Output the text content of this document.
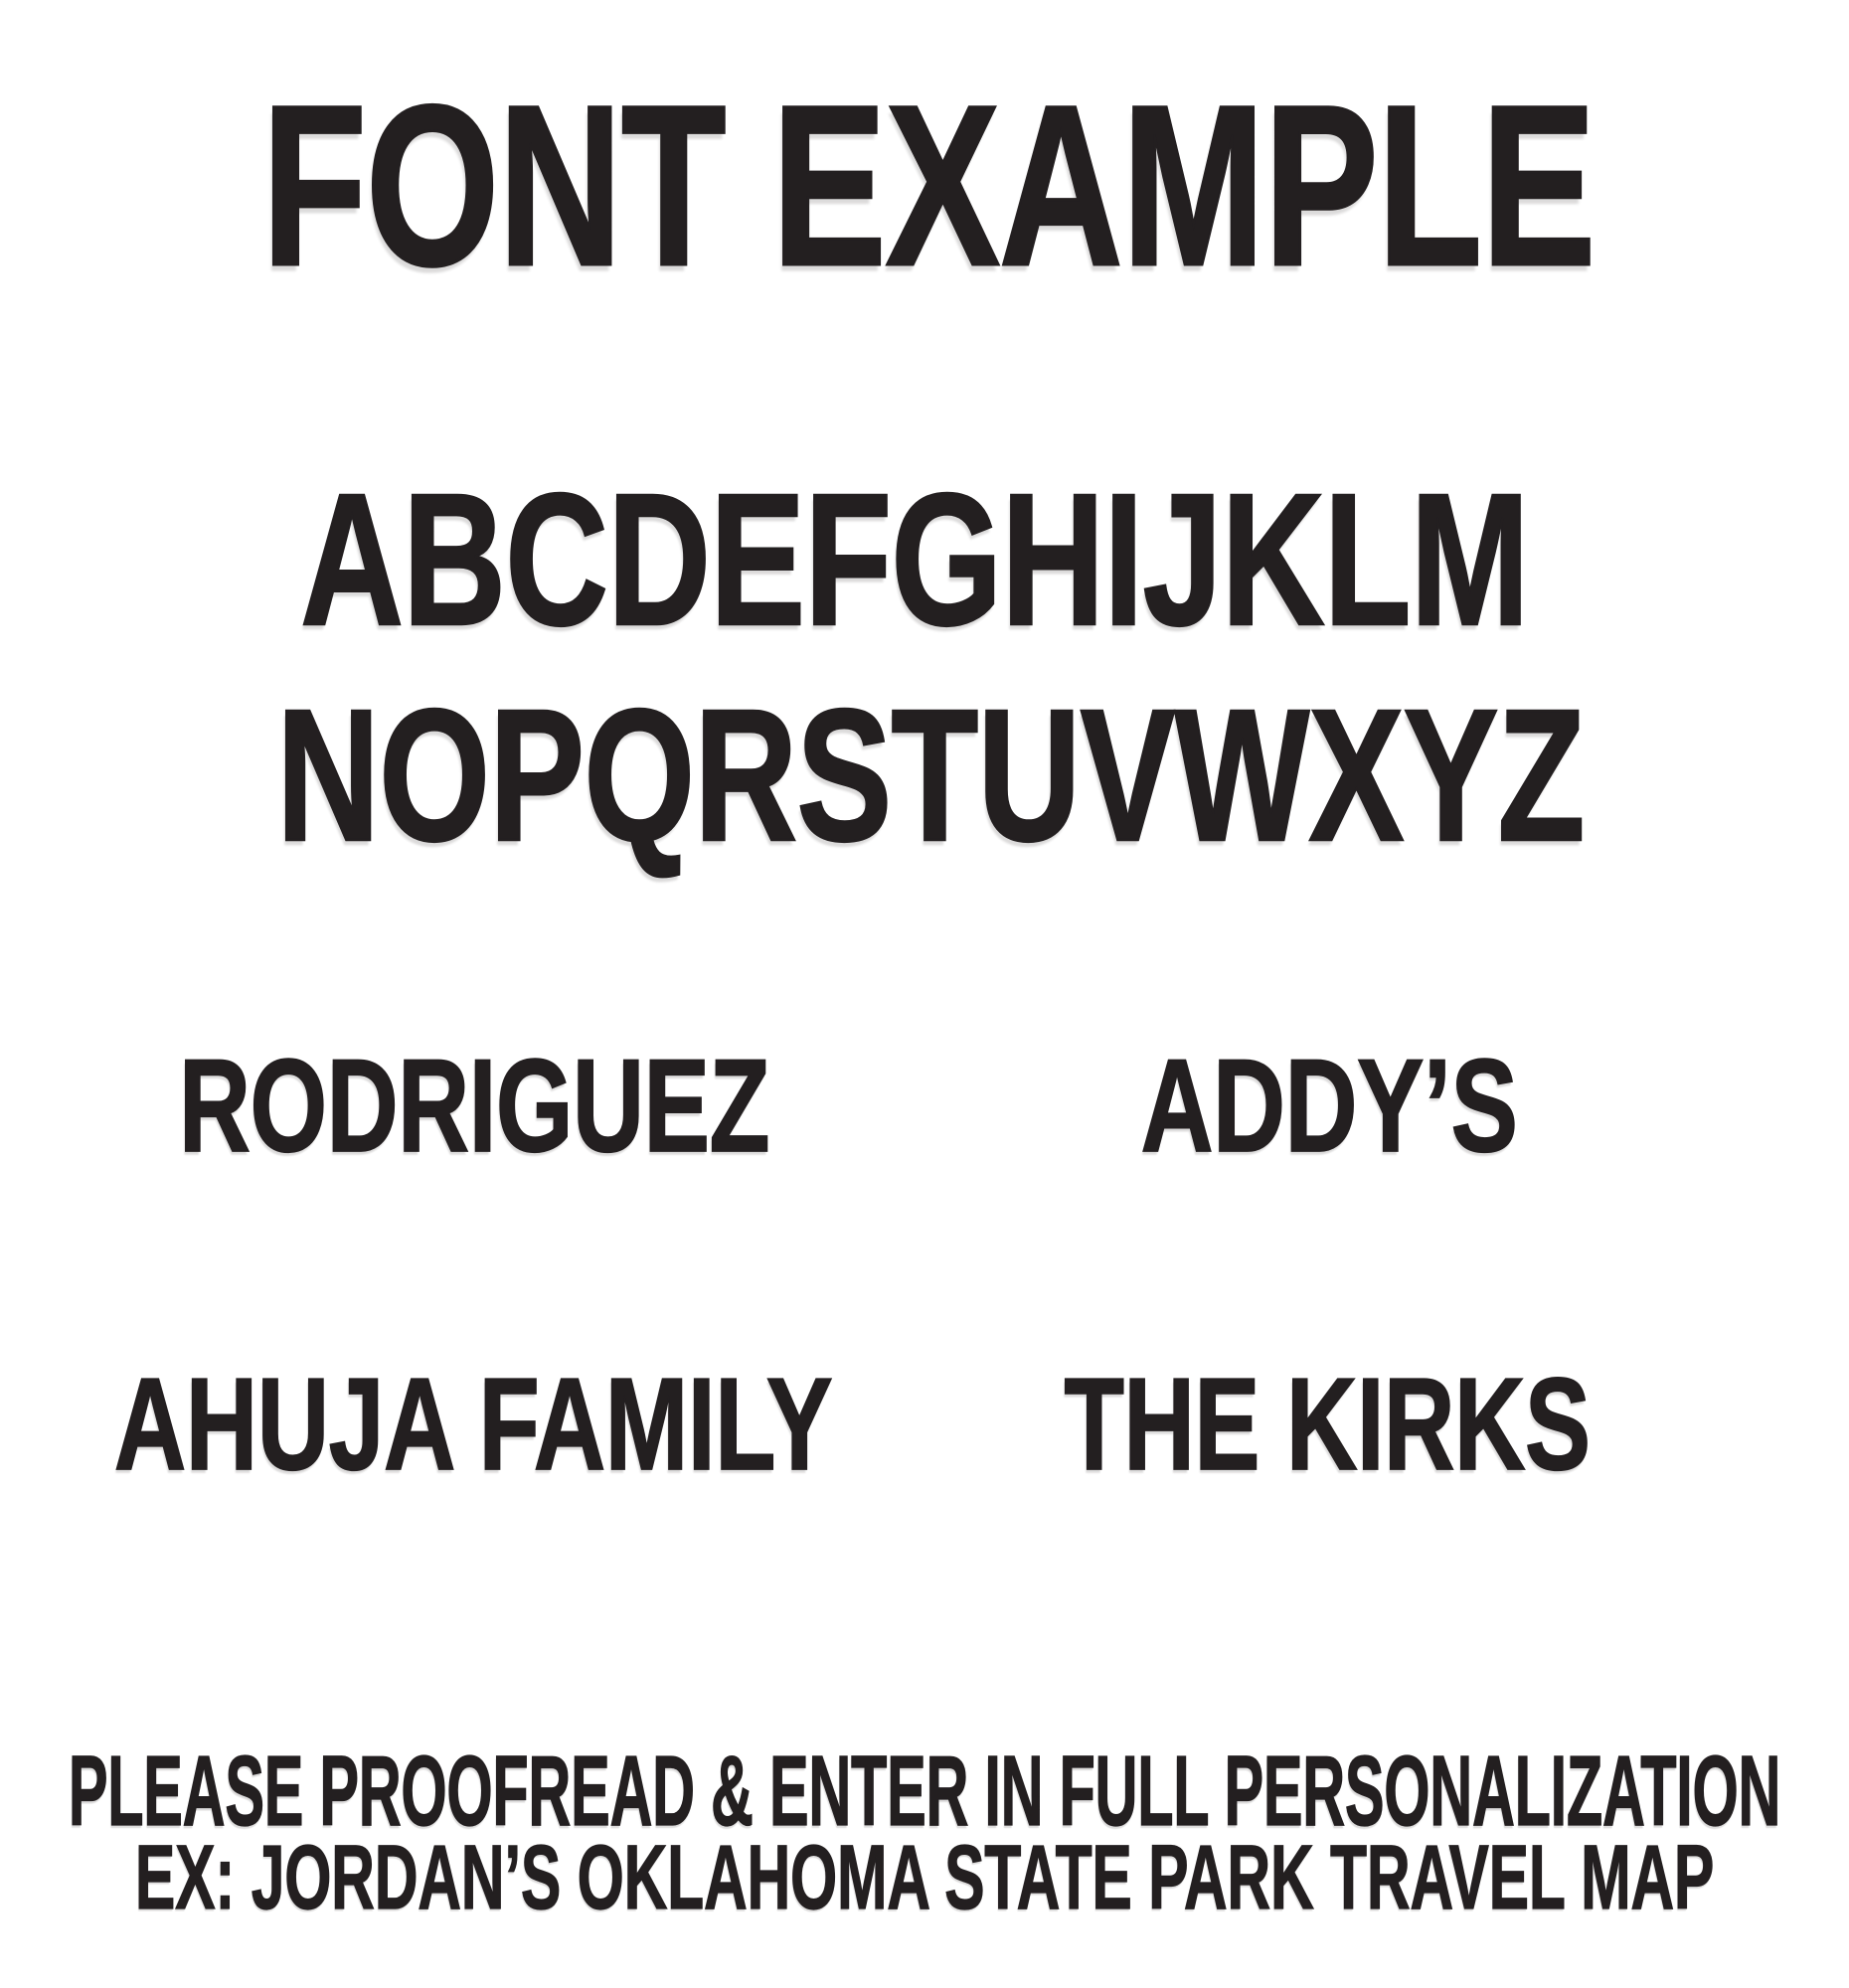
FONT EXAMPLE
ABCDEFGHIJKLM
NOPQRSTUVWXYZ
RODRIGUEZ	ADDY’S
AHUJA FAMILY THE KIRKS
PLEASE PROOFREAD & ENTER IN FULL PERSONALIZATION
EX: JORDAN’S OKLAHOMA STATE PARK TRAVEL MAP
